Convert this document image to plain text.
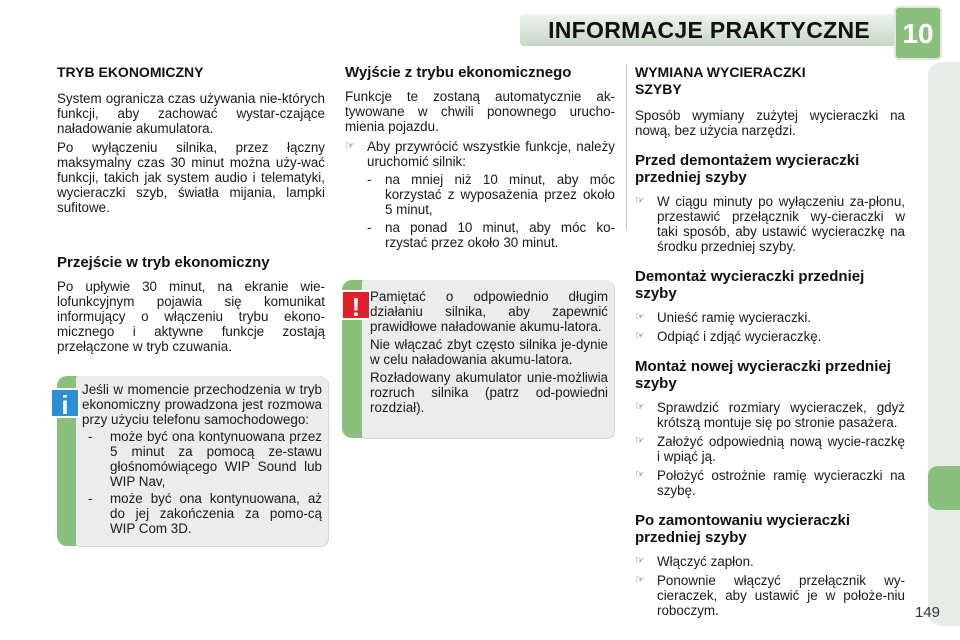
INFORMACJE PRAKTYCZNE 10
TRYB EKONOMICZNY

System ogranicza czas używania nie-których funkcji, aby zachować wystar-czające naładowanie akumulatora.

Po wyłączeniu silnika, przez łączny maksymalny czas 30 minut można uży-wać funkcji, takich jak system audio i telematyki, wycieraczki szyb, światła mijania, lampki sufitowe.

Przejście w tryb ekonomiczny

Po upływie 30 minut, na ekranie wie-lofunkcyjnym pojawia się komunikat informujący o włączeniu trybu ekono-micznego i aktywne funkcje zostają przełączone w tryb czuwania.

i

Jeśli w momencie przechodzenia w tryb ekonomiczny prowadzona jest rozmowa przy użyciu telefonu samochodowego:

- może być ona kontynuowana przez 5 minut za pomocą ze-stawu głośnomówiącego WIP Sound lub WIP Nav,
- może być ona kontynuowana, aż do jej zakończenia za pomo-cą WIP Com 3D.
Wyjście z trybu ekonomicznego

Funkcje te zostaną automatycznie ak-tywowane w chwili ponownego urucho-mienia pojazdu.

☞ Aby przywrócić wszystkie funkcje, należy uruchomić silnik:
- na mniej niż 10 minut, aby móc korzystać z wyposażenia przez około 5 minut,
- na ponad 10 minut, aby móc ko-rzystać przez około 30 minut.
! Pamiętać o odpowiednio długim działaniu silnika, aby zapewnić prawidłowe naładowanie akumu-latora.

Nie włączać zbyt często silnika je-dynie w celu naładowania akumu-latora.

Rozładowany akumulator unie-możliwia rozruch silnika (patrz od-powiedni rozdział).

WYMIANA WYCIERACZKI
SZYBY

Sposób wymiany zużytej wycieraczki na nową, bez użycia narzędzi.

Przed demontażem wycieraczki przedniej szyby
☞ W ciągu minuty po wyłączeniu za-płonu, przestawić przełącznik wy-cieraczki w taki sposób, aby ustawić wycieraczkę na środku przedniej szyby.
Demontaż wycieraczki przedniej szyby
☞ Unieść ramię wycieraczki.
☞ Odpiąć i zdjąć wycieraczkę.
Montaż nowej wycieraczki przedniej szyby
☞ Sprawdzić rozmiary wycieraczek, gdyż krótszą montuje się po stronie pasażera.
☞ Założyć odpowiednią nową wycie-raczkę i wpiąć ją.
☞ Położyć ostrożnie ramię wycieraczki na szybę.
Po zamontowaniu wycieraczki przedniej szyby
☞ Włączyć zapłon.
☞ Ponownie włączyć przełącznik wy-cieraczek, aby ustawić je w położe-niu roboczym.	149
